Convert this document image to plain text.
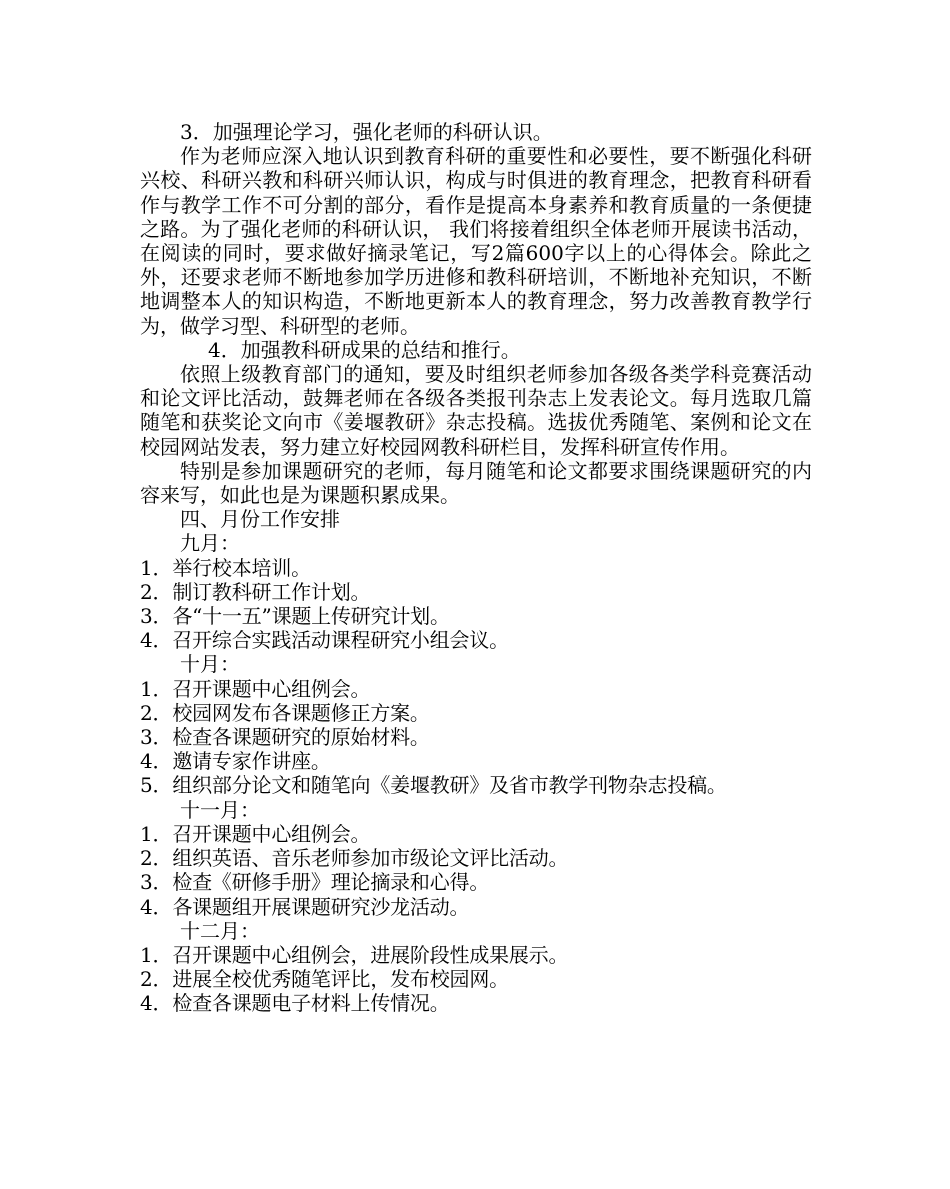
3．加强理论学习，强化老师的科研认识。

作为老师应深入地认识到教育科研的重要性和必要性，要不断强化科研兴校、科研兴教和科研兴师认识，构成与时俱进的教育理念，把教育科研看作与教学工作不可分割的部分，看作是提高本身素养和教育质量的一条便捷之路。为了强化老师的科研认识， 我们将接着组织全体老师开展读书活动，在阅读的同时，要求做好摘录笔记，写2篇600字以上的心得体会。除此之外，还要求老师不断地参加学历进修和教科研培训，不断地补充知识，不断地调整本人的知识构造，不断地更新本人的教育理念，努力改善教育教学行为，做学习型、科研型的老师。

4．加强教科研成果的总结和推行。

依照上级教育部门的通知，要及时组织老师参加各级各类学科竞赛活动和论文评比活动，鼓舞老师在各级各类报刊杂志上发表论文。每月选取几篇随笔和获奖论文向市《姜堰教研》杂志投稿。选拔优秀随笔、案例和论文在校园网站发表，努力建立好校园网教科研栏目，发挥科研宣传作用。

特别是参加课题研究的老师，每月随笔和论文都要求围绕课题研究的内容来写，如此也是为课题积累成果。

四、月份工作安排

九月：

1．举行校本培训。

2．制订教科研工作计划。

3．各“十一五”课题上传研究计划。

4．召开综合实践活动课程研究小组会议。

十月：

1．召开课题中心组例会。

2．校园网发布各课题修正方案。

3．检查各课题研究的原始材料。

4．邀请专家作讲座。

5．组织部分论文和随笔向《姜堰教研》及省市教学刊物杂志投稿。

十一月：

1．召开课题中心组例会。

2．组织英语、音乐老师参加市级论文评比活动。

3．检查《研修手册》理论摘录和心得。

4．各课题组开展课题研究沙龙活动。

十二月：

1．召开课题中心组例会，进展阶段性成果展示。

2．进展全校优秀随笔评比，发布校园网。

4．检查各课题电子材料上传情况。
